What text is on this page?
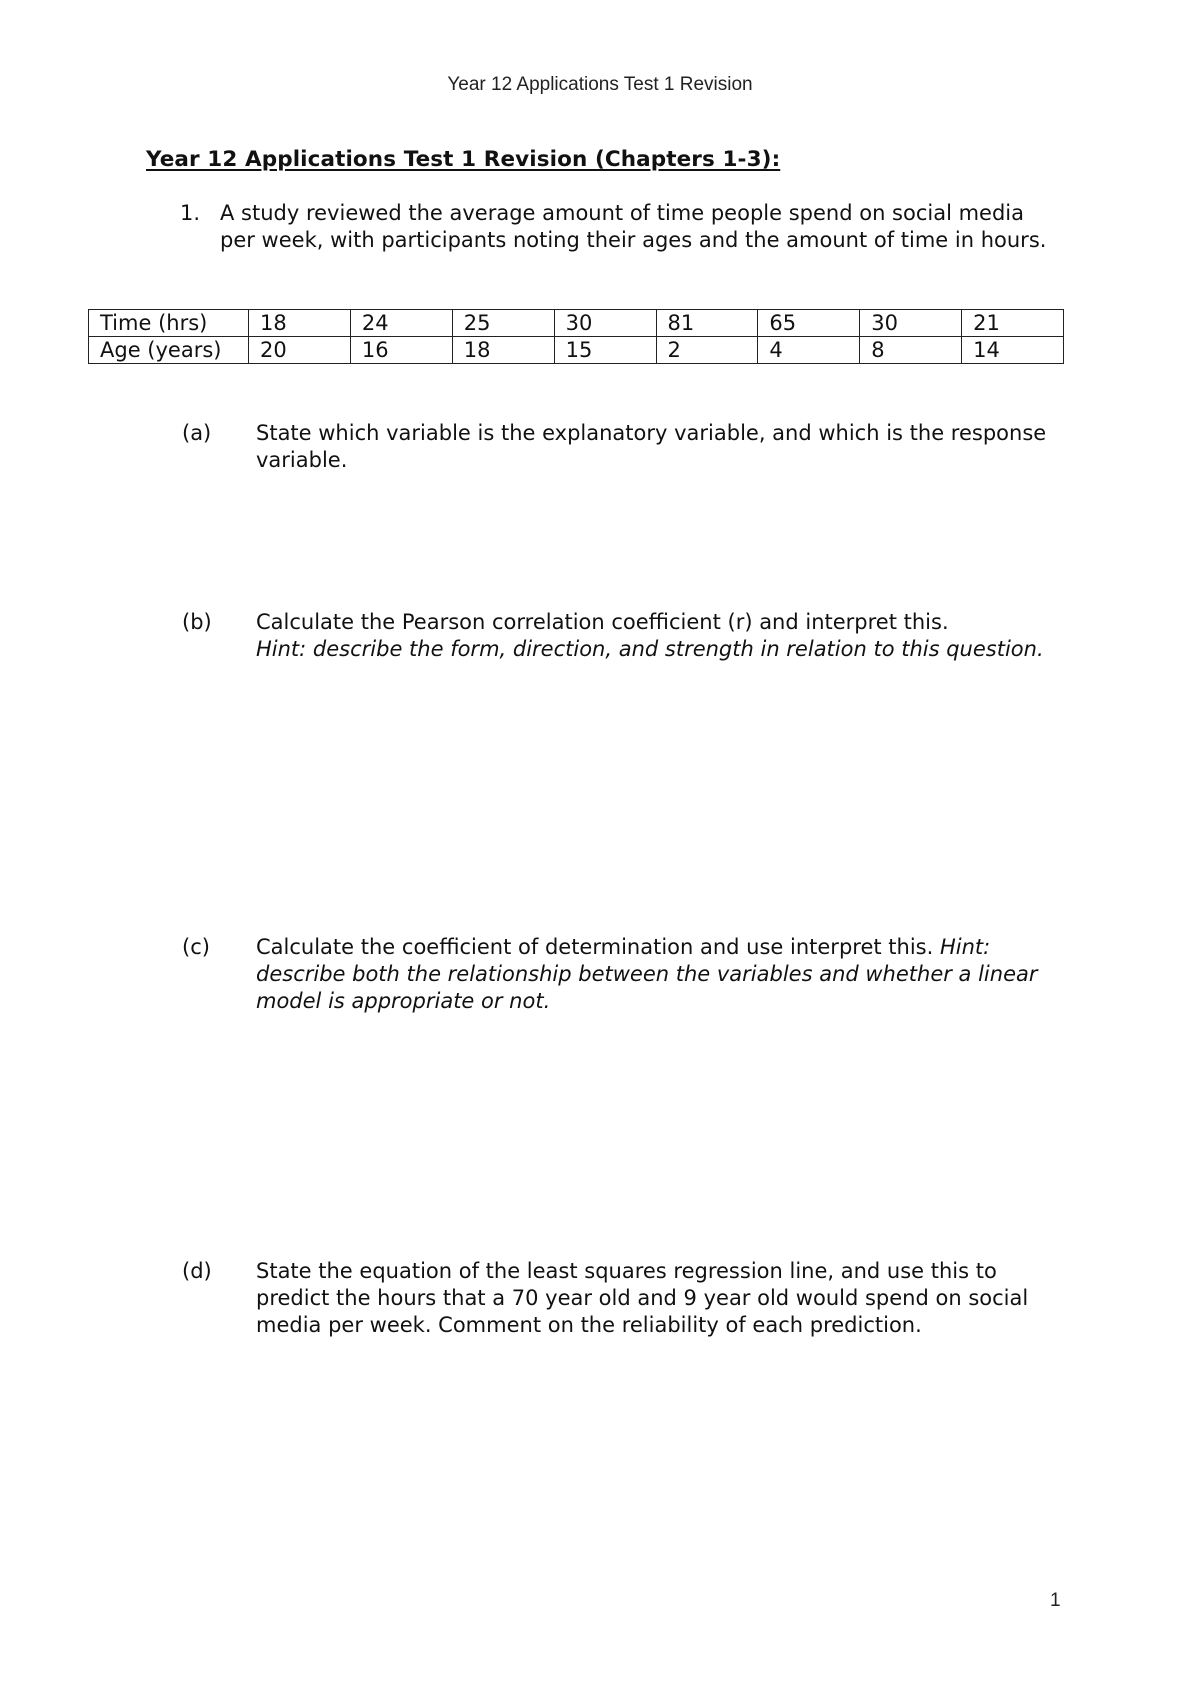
Year 12 Applications Test 1 Revision
Year 12 Applications Test 1 Revision (Chapters 1-3):
1. A study reviewed the average amount of time people spend on social media per week, with participants noting their ages and the amount of time in hours.
Time (hrs)	18	24	25	30	81	65	30	21
Age (years)	20	16	18	15	2	4	8	14
(a) State which variable is the explanatory variable, and which is the response variable.
(b) Calculate the Pearson correlation coefficient (r) and interpret this.
Hint: describe the form, direction, and strength in relation to this question.
(c) Calculate the coefficient of determination and use interpret this. Hint: describe both the relationship between the variables and whether a linear model is appropriate or not.
(d) State the equation of the least squares regression line, and use this to predict the hours that a 70 year old and 9 year old would spend on social media per week. Comment on the reliability of each prediction.
1
